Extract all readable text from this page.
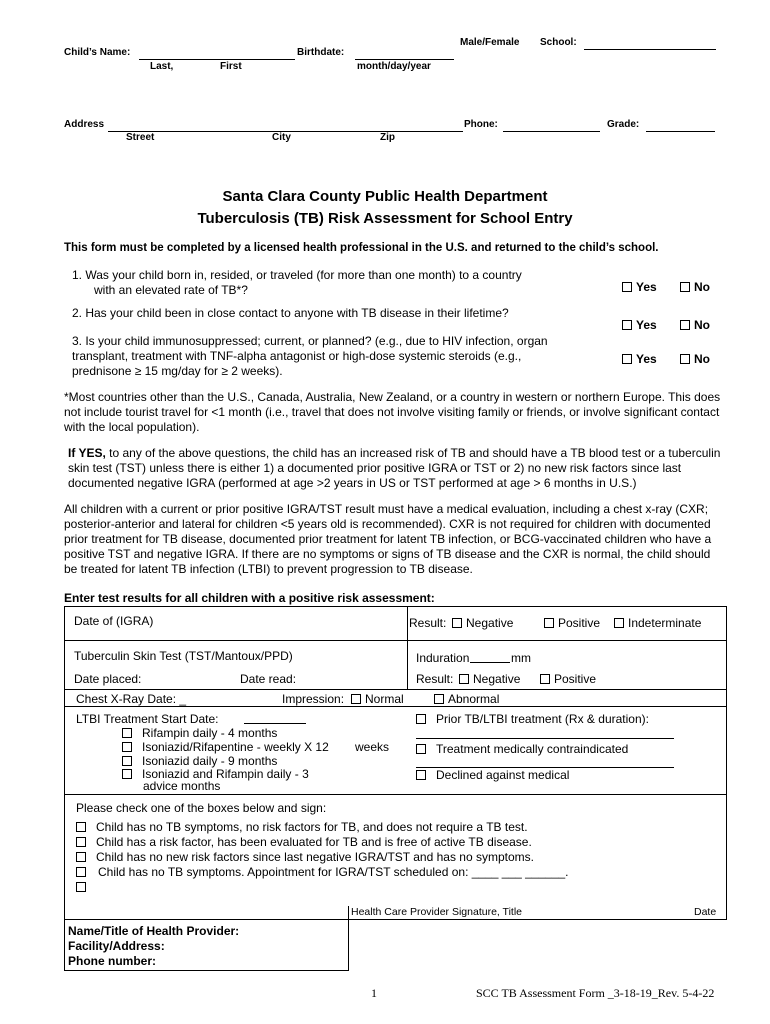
Male/Female School:
Child’s Name:	Birthdate:
Last,	First	month/day/year
Address	Phone:	Grade:
Street	City	Zip
Santa Clara County Public Health Department
Tuberculosis (TB) Risk Assessment for School Entry
This form must be completed by a licensed health professional in the U.S. and returned to the child’s school.
1. Was your child born in, resided, or traveled (for more than one month) to a country
with an elevated rate of TB*?	Yes	No
2. Has your child been in close contact to anyone with TB disease in their lifetime?
Yes	No
3. Is your child immunosuppressed; current, or planned? (e.g., due to HIV infection, organ
transplant, treatment with TNF-alpha antagonist or high-dose systemic steroids (e.g.,
prednisone ≥ 15 mg/day for ≥ 2 weeks).
Yes	No
*Most countries other than the U.S., Canada, Australia, New Zealand, or a country in western or northern Europe. This does not include tourist travel for <1 month (i.e., travel that does not involve visiting family or friends, or involve significant contact with the local population).
If YES, to any of the above questions, the child has an increased risk of TB and should have a TB blood test or a tuberculin skin test (TST) unless there is either 1) a documented prior positive IGRA or TST or 2) no new risk factors since last documented negative IGRA (performed at age >2 years in US or TST performed at age > 6 months in U.S.)
All children with a current or prior positive IGRA/TST result must have a medical evaluation, including a chest x-ray (CXR; posterior-anterior and lateral for children <5 years old is recommended). CXR is not required for children with documented prior treatment for TB disease, documented prior treatment for latent TB infection, or BCG-vaccinated children who have a positive TST and negative IGRA. If there are no symptoms or signs of TB disease and the CXR is normal, the child should be treated for latent TB infection (LTBI) to prevent progression to TB disease.
Enter test results for all children with a positive risk assessment:
Date of (IGRA)	Result:	Negative	Positive	Indeterminate
Tuberculin Skin Test (TST/Mantoux/PPD)	Induration	mm
Date placed:	Date read:	Result:	Negative	Positive
Chest X-Ray Date: _	Impression:	Normal	Abnormal
LTBI Treatment Start Date:
Rifampin daily - 4 months
Isoniazid/Rifapentine - weekly X 12 weeks
Isoniazid daily - 9 months
Isoniazid and Rifampin daily - 3
advice months
Prior TB/LTBI treatment (Rx & duration):
Treatment medically contraindicated
Declined against medical
Please check one of the boxes below and sign:
Child has no TB symptoms, no risk factors for TB, and does not require a TB test.
Child has a risk factor, has been evaluated for TB and is free of active TB disease.
Child has no new risk factors since last negative IGRA/TST and has no symptoms.
Child has no TB symptoms. Appointment for IGRA/TST scheduled on: ____ ___ ______.
Health Care Provider Signature, Title	Date
Name/Title of Health Provider:
Facility/Address:
Phone number:
1	SCC TB Assessment Form _3-18-19_Rev. 5-4-22
